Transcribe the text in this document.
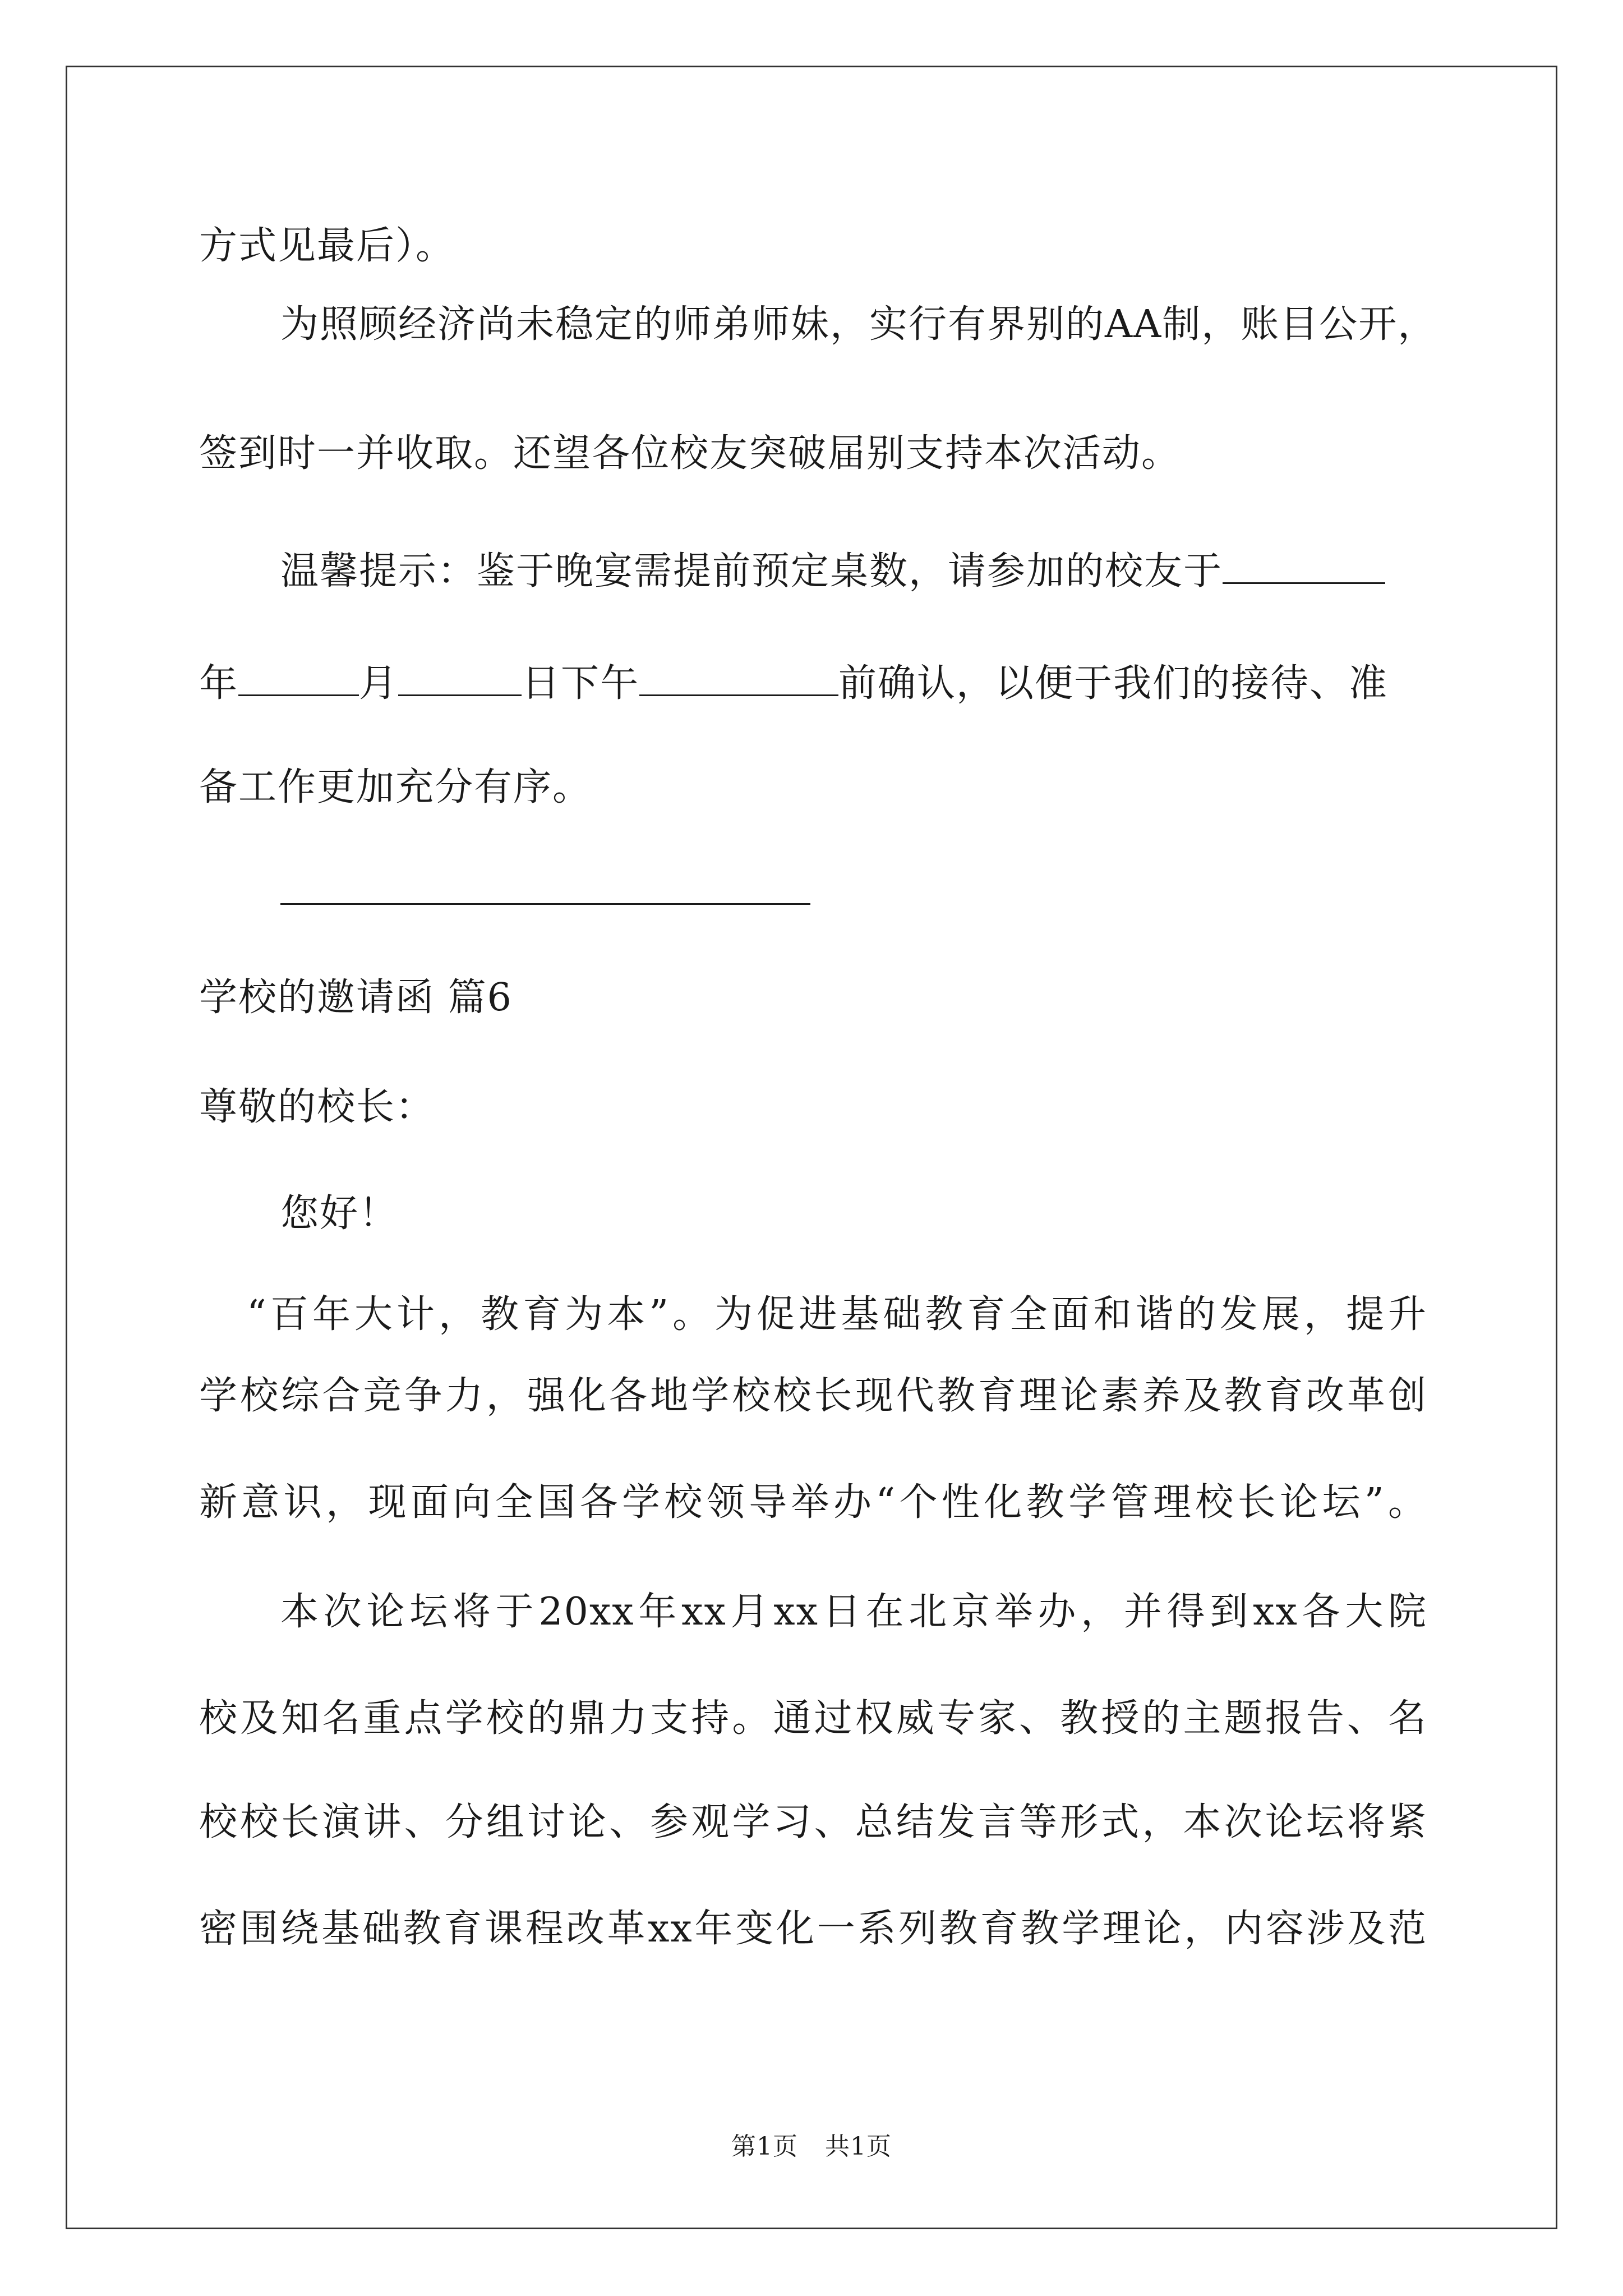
方式见最后）。
为照顾经济尚未稳定的师弟师妹，实行有界别的AA制，账目公开，
签到时一并收取。还望各位校友突破届别支持本次活动。
温馨提示：鉴于晚宴需提前预定桌数，请参加的校友于
年	月	日下午	前确认，以便于我们的接待、准
备工作更加充分有序。
学校的邀请函 篇6
尊敬的校长：
您好！
“百年大计，教育为本”。为促进基础教育全面和谐的发展，提升
学校综合竞争力，强化各地学校校长现代教育理论素养及教育改革创
新意识，现面向全国各学校领导举办“个性化教学管理校长论坛”。
本次论坛将于20xx年xx月xx日在北京举办，并得到xx各大院
校及知名重点学校的鼎力支持。通过权威专家、教授的主题报告、名
校校长演讲、分组讨论、参观学习、总结发言等形式，本次论坛将紧
密围绕基础教育课程改革xx年变化一系列教育教学理论，内容涉及范
第1页 共1页
